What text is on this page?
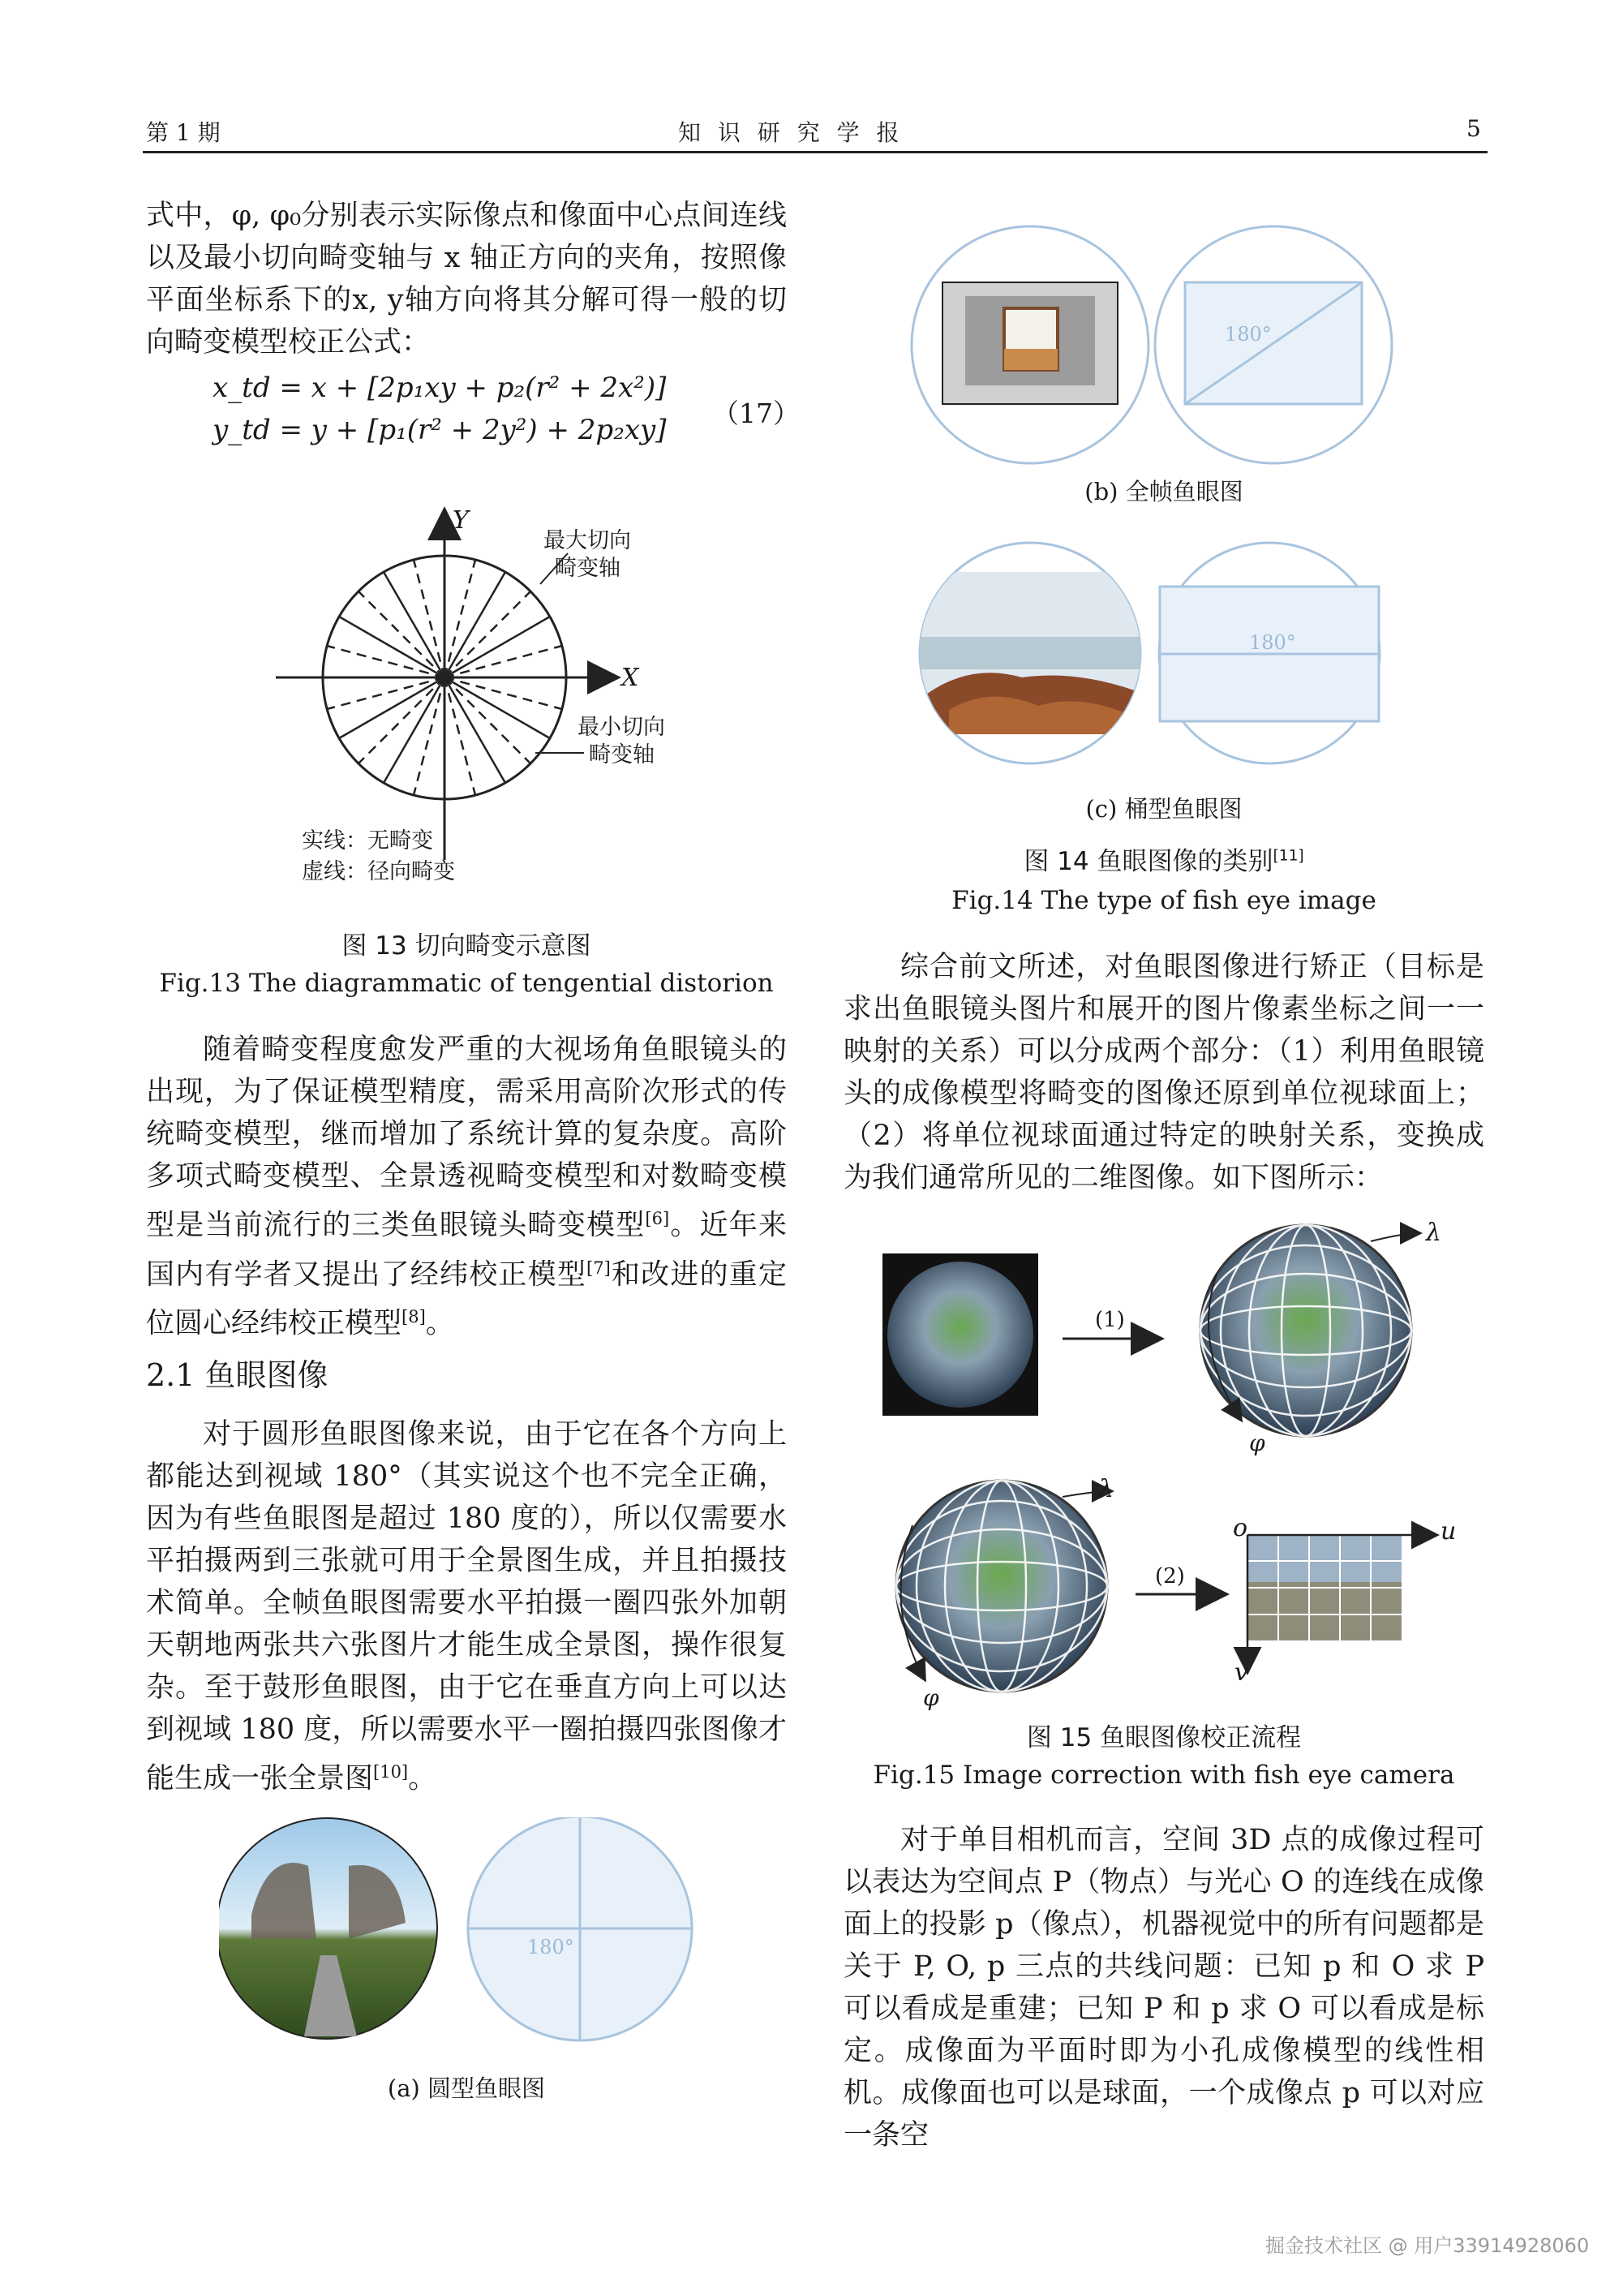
第 1 期	知 识 研 究 学 报	5

式中，φ, φ₀分别表示实际像点和像面中心点间连线以及最小切向畸变轴与 x 轴正方向的夹角，按照像平面坐标系下的x, y轴方向将其分解可得一般的切向畸变模型校正公式：

x_td = x + [2p₁xy + p₂(r² + 2x²)]
y_td = y + [p₁(r² + 2y²) + 2p₂xy]
（17）
Y
X
最大切向
畸变轴
最小切向
畸变轴
实线：无畸变
虚线：径向畸变
图 13 切向畸变示意图
Fig.13 The diagrammatic of tengential distorion

随着畸变程度愈发严重的大视场角鱼眼镜头的出现，为了保证模型精度，需采用高阶次形式的传统畸变模型，继而增加了系统计算的复杂度。高阶多项式畸变模型、全景透视畸变模型和对数畸变模型是当前流行的三类鱼眼镜头畸变模型[6]。近年来国内有学者又提出了经纬校正模型[7]和改进的重定位圆心经纬校正模型[8]。

2.1 鱼眼图像

对于圆形鱼眼图像来说，由于它在各个方向上都能达到视域 180°（其实说这个也不完全正确，因为有些鱼眼图是超过 180 度的），所以仅需要水平拍摄两到三张就可用于全景图生成，并且拍摄技术简单。全帧鱼眼图需要水平拍摄一圈四张外加朝天朝地两张共六张图片才能生成全景图，操作很复杂。至于鼓形鱼眼图，由于它在垂直方向上可以达到视域 180 度，所以需要水平一圈拍摄四张图像才能生成一张全景图[10]。

180°
(a) 圆型鱼眼图
180°
(b) 全帧鱼眼图
180°
(c) 桶型鱼眼图
图 14 鱼眼图像的类别[11]
Fig.14 The type of fish eye image

综合前文所述，对鱼眼图像进行矫正（目标是求出鱼眼镜头图片和展开的图片像素坐标之间一一映射的关系）可以分成两个部分：（1）利用鱼眼镜头的成像模型将畸变的图像还原到单位视球面上；（2）将单位视球面通过特定的映射关系，变换成为我们通常所见的二维图像。如下图所示：

(1)
(2)
λ
φ
λ
φ
o	u
v
图 15 鱼眼图像校正流程
Fig.15 Image correction with fish eye camera

对于单目相机而言，空间 3D 点的成像过程可以表达为空间点 P（物点）与光心 O 的连线在成像面上的投影 p（像点），机器视觉中的所有问题都是关于 P, O, p 三点的共线问题：已知 p 和 O 求 P 可以看成是重建；已知 P 和 p 求 O 可以看成是标定。成像面为平面时即为小孔成像模型的线性相机。成像面也可以是球面，一个成像点 p 可以对应一条空

掘金技术社区 @ 用户33914928060
